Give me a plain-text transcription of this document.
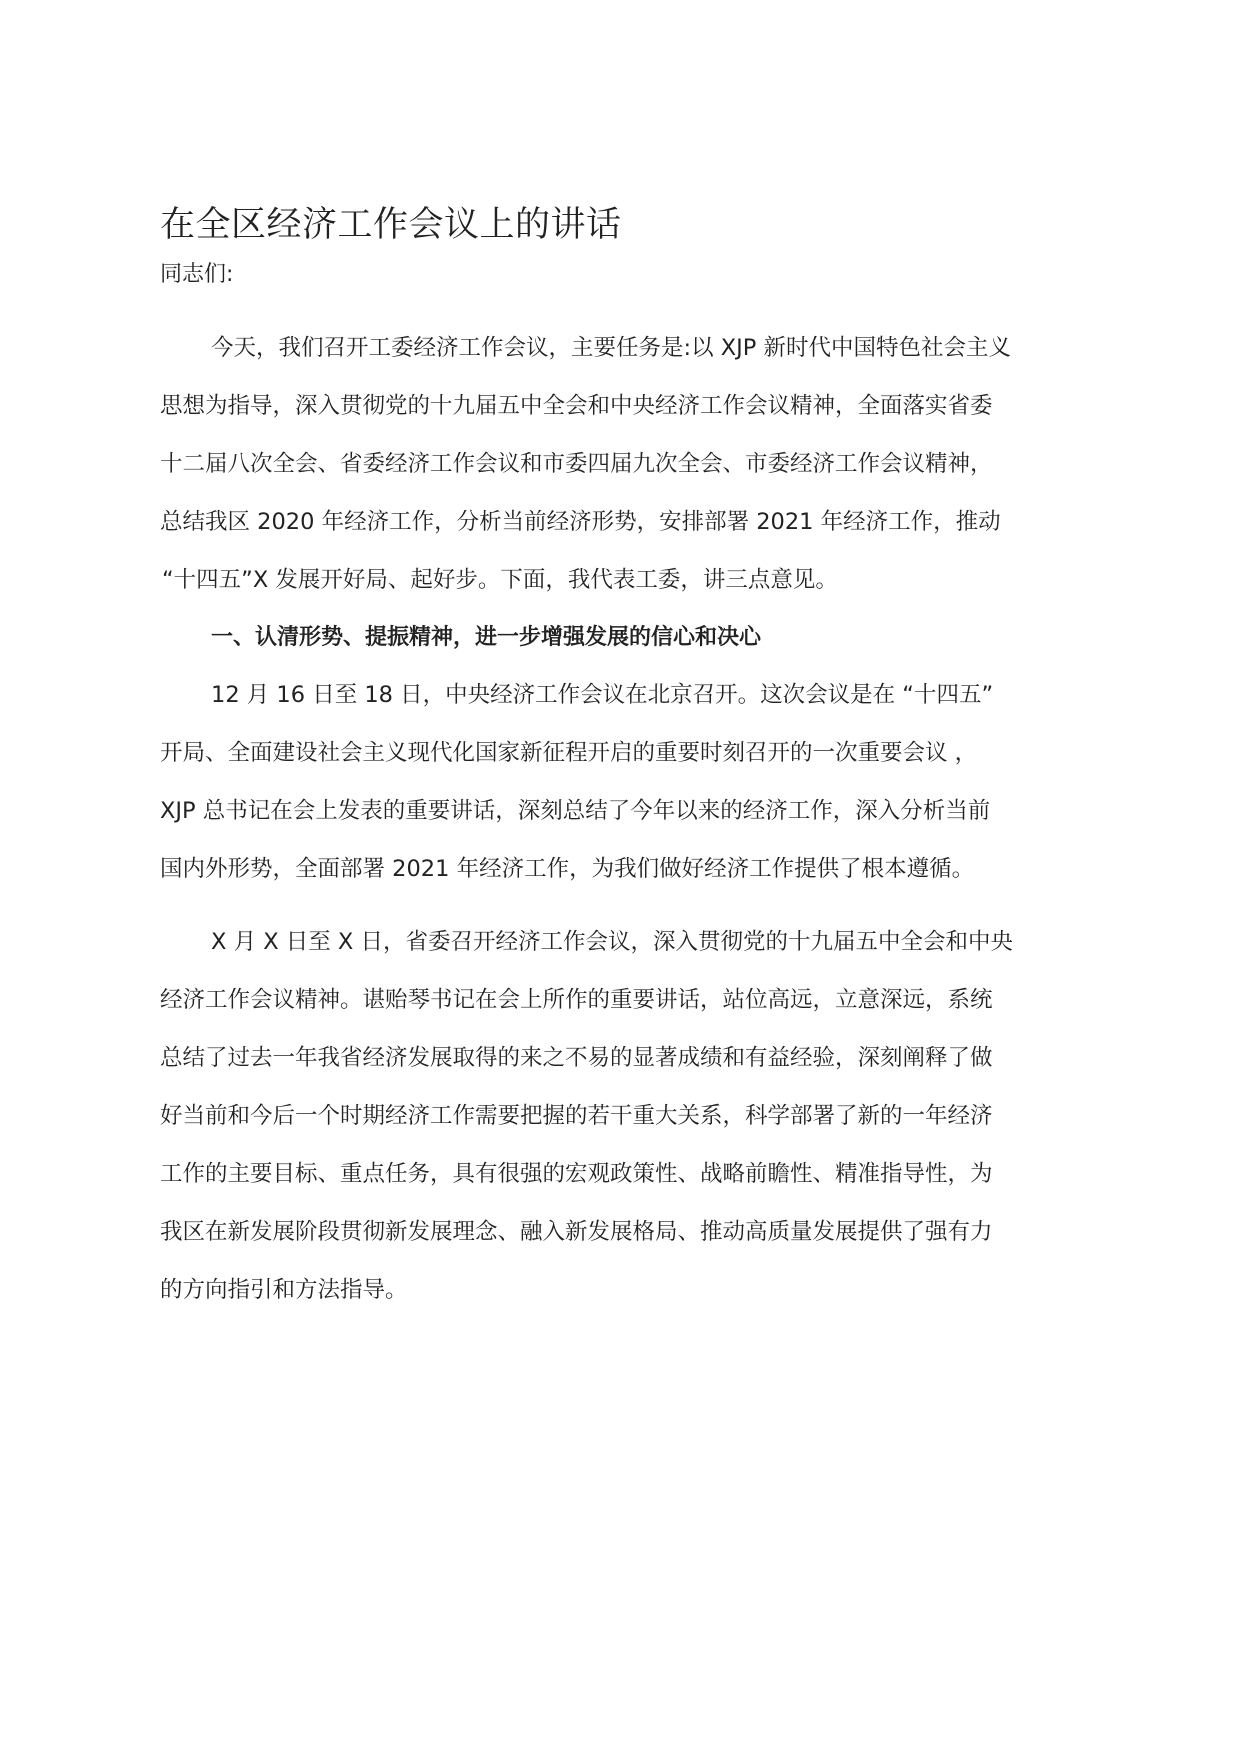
在全区经济工作会议上的讲话

同志们:

今天，我们召开工委经济工作会议，主要任务是:以 XJP 新时代中国特色社会主义

思想为指导，深入贯彻党的十九届五中全会和中央经济工作会议精神，全面落实省委

十二届八次全会、省委经济工作会议和市委四届九次全会、市委经济工作会议精神，

总结我区 2020 年经济工作，分析当前经济形势，安排部署 2021 年经济工作，推动

“十四五”X 发展开好局、起好步。下面，我代表工委，讲三点意见。

一、认清形势、提振精神，进一步增强发展的信心和决心

12 月 16 日至 18 日，中央经济工作会议在北京召开。这次会议是在 “十四五”

开局、全面建设社会主义现代化国家新征程开启的重要时刻召开的一次重要会议 ，

XJP 总书记在会上发表的重要讲话，深刻总结了今年以来的经济工作，深入分析当前

国内外形势，全面部署 2021 年经济工作，为我们做好经济工作提供了根本遵循。

X 月 X 日至 X 日，省委召开经济工作会议，深入贯彻党的十九届五中全会和中央

经济工作会议精神。谌贻琴书记在会上所作的重要讲话，站位高远，立意深远，系统

总结了过去一年我省经济发展取得的来之不易的显著成绩和有益经验，深刻阐释了做

好当前和今后一个时期经济工作需要把握的若干重大关系，科学部署了新的一年经济

工作的主要目标、重点任务，具有很强的宏观政策性、战略前瞻性、精准指导性，为

我区在新发展阶段贯彻新发展理念、融入新发展格局、推动高质量发展提供了强有力

的方向指引和方法指导。
